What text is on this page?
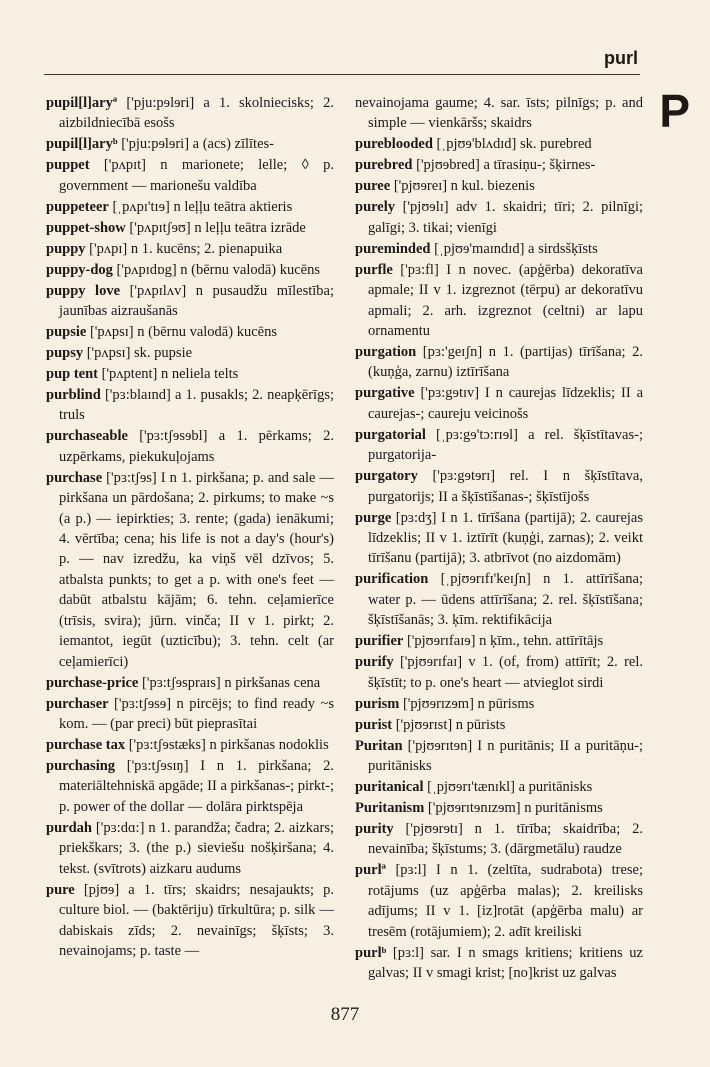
purl
P

pupil[l]aryª ['pju:pɘlɘri] a 1. skolniecisks; 2. aizbildniecībā esošs

pupil[l]aryᵇ ['pju:pɘlɘri] a (acs) zīlītes-

puppet ['pʌpɪt] n marionete; lelle; ◊ p. government — marionešu valdība

puppeteer [ˌpʌpɪ'tɪɘ] n leļļu teātra aktieris

puppet-show ['pʌpɪtʃɘʊ] n leļļu teātra izrāde

puppy ['pʌpɪ] n 1. kucēns; 2. pienapuika

puppy-dog ['pʌpɪdɒg] n (bērnu valodā) kucēns

puppy love ['pʌpɪlʌv] n pusaudžu mīlestība; jaunības aizraušanās

pupsie ['pʌpsɪ] n (bērnu valodā) kucēns

pupsy ['pʌpsɪ] sk. pupsie

pup tent ['pʌptent] n neliela telts

purblind ['pɜ:blaɪnd] a 1. pusakls; 2. neapķērīgs; truls

purchaseable ['pɜ:tʃɘsɘbl] a 1. pērkams; 2. uzpērkams, piekukuļojams

purchase ['pɜ:tʃɘs] I n 1. pirkšana; p. and sale — pirkšana un pārdošana; 2. pirkums; to make ~s (a p.) — iepirkties; 3. rente; (gada) ienākumi; 4. vērtība; cena; his life is not a day's (hour's) p. — nav izredžu, ka viņš vēl dzīvos; 5. atbalsta punkts; to get a p. with one's feet — dabūt atbalstu kājām; 6. tehn. ceļamierīce (trīsis, svira); jūrn. vinča; II v 1. pirkt; 2. iemantot, iegūt (uzticību); 3. tehn. celt (ar ceļamierīci)

purchase-price ['pɜ:tʃɘspraɪs] n pirkšanas cena

purchaser ['pɜ:tʃɘsɘ] n pircējs; to find ready ~s kom. — (par preci) būt pieprasītai

purchase tax ['pɜ:tʃɘstæks] n pirkšanas nodoklis

purchasing ['pɜ:tʃɘsɪŋ] I n 1. pirkšana; 2. materiāltehniskā apgāde; II a pirkšanas-; pirkt-; p. power of the dollar — dolāra pirktspēja

purdah ['pɜ:dɑ:] n 1. parandža; čadra; 2. aizkars; priekškars; 3. (the p.) sieviešu nošķiršana; 4. tekst. (svītrots) aizkaru audums

pure [pjʊɘ] a 1. tīrs; skaidrs; nesajaukts; p. culture biol. — (baktēriju) tīrkultūra; p. silk — dabiskais zīds; 2. nevainīgs; šķīsts; 3. nevainojams; p. taste —

nevainojama gaume; 4. sar. īsts; pilnīgs; p. and simple — vienkāršs; skaidrs

pureblooded [ˌpjʊɘ'blʌdɪd] sk. purebred

purebred ['pjʊɘbred] a tīrasiņu-; šķirnes-

puree ['pjʊɘreɪ] n kul. biezenis

purely ['pjʊɘlɪ] adv 1. skaidri; tīri; 2. pilnīgi; galīgi; 3. tikai; vienīgi

pureminded [ˌpjʊɘ'maɪndɪd] a sirdsšķīsts

purfle ['pɜ:fl] I n novec. (apģērba) dekoratīva apmale; II v 1. izgreznot (tērpu) ar dekoratīvu apmali; 2. arh. izgreznot (celtni) ar lapu ornamentu

purgation [pɜ:'geɪʃn] n 1. (partijas) tīrīšana; 2. (kuņģa, zarnu) iztīrīšana

purgative ['pɜ:gɘtɪv] I n caurejas līdzeklis; II a caurejas-; caureju veicinošs

purgatorial [ˌpɜ:gɘ'tɔ:rɪɘl] a rel. šķīstītavas-; purgatorija-

purgatory ['pɜ:gɘtɘrɪ] rel. I n šķīstītava, purgatorijs; II a šķīstīšanas-; šķīstījošs

purge [pɜ:dʒ] I n 1. tīrīšana (partijā); 2. caurejas līdzeklis; II v 1. iztīrīt (kuņģi, zarnas); 2. veikt tīrīšanu (partijā); 3. atbrīvot (no aizdomām)

purification [ˌpjʊɘrɪfɪ'keɪʃn] n 1. attīrīšana; water p. — ūdens attīrīšana; 2. rel. šķīstīšana; šķīstīšanās; 3. ķīm. rektifikācija

purifier ['pjʊɘrɪfaɪɘ] n ķīm., tehn. attīrītājs

purify ['pjʊɘrɪfaɪ] v 1. (of, from) attīrīt; 2. rel. šķīstīt; to p. one's heart — atvieglot sirdi

purism ['pjʊɘrɪzɘm] n pūrisms

purist ['pjʊɘrɪst] n pūrists

Puritan ['pjʊɘrɪtɘn] I n puritānis; II a puritāņu-; puritānisks

puritanical [ˌpjʊɘrɪ'tænɪkl] a puritānisks

Puritanism ['pjʊɘrɪtɘnɪzɘm] n puritānisms

purity ['pjʊɘrɘtɪ] n 1. tīrība; skaidrība; 2. nevainība; šķīstums; 3. (dārgmetālu) raudze

purlª [pɜ:l] I n 1. (zeltīta, sudrabota) trese; rotājums (uz apģērba malas); 2. kreilisks adījums; II v 1. [iz]rotāt (apģērba malu) ar tresēm (rotājumiem); 2. adīt kreiliski

purlᵇ [pɜ:l] sar. I n smags kritiens; kritiens uz galvas; II v smagi krist; [no]krist uz galvas

877
